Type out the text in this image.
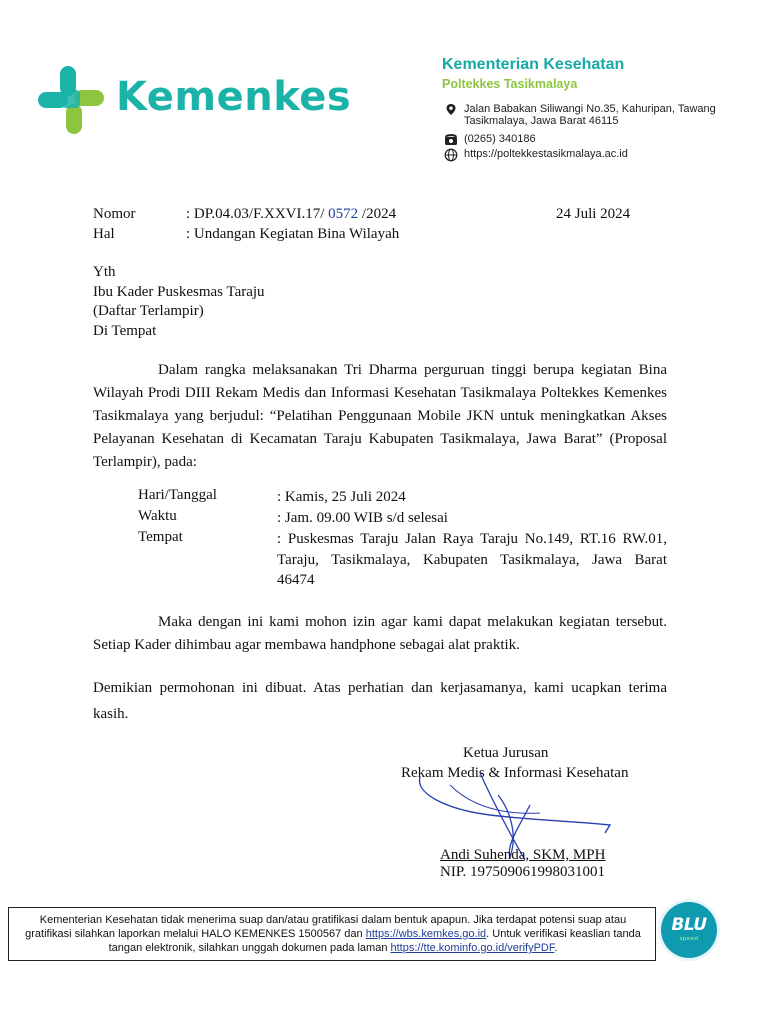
Kemenkes
Kementerian Kesehatan
Poltekkes Tasikmalaya
Jalan Babakan Siliwangi No.35, Kahuripan, Tawang
Tasikmalaya, Jawa Barat 46115
(0265) 340186
https://poltekkestasikmalaya.ac.id
Nomor	: DP.04.03/F.XXVI.17/ 0572 /2024	24 Juli 2024
Hal	: Undangan Kegiatan Bina Wilayah
Yth
Ibu Kader Puskesmas Taraju
(Daftar Terlampir)
Di Tempat
Dalam rangka melaksanakan Tri Dharma perguruan tinggi berupa kegiatan Bina Wilayah Prodi DIII Rekam Medis dan Informasi Kesehatan Tasikmalaya Poltekkes Kemenkes Tasikmalaya yang berjudul: “Pelatihan Penggunaan Mobile JKN untuk meningkatkan Akses Pelayanan Kesehatan di Kecamatan Taraju Kabupaten Tasikmalaya, Jawa Barat” (Proposal Terlampir), pada:
Hari/Tanggal	: Kamis, 25 Juli 2024
Waktu	: Jam. 09.00 WIB s/d selesai
Tempat	: Puskesmas Taraju Jalan Raya Taraju No.149, RT.16 RW.01,
Taraju, Tasikmalaya, Kabupaten Tasikmalaya, Jawa Barat
46474
Maka dengan ini kami mohon izin agar kami dapat melakukan kegiatan tersebut. Setiap Kader dihimbau agar membawa handphone sebagai alat praktik.
Demikian permohonan ini dibuat. Atas perhatian dan kerjasamanya, kami ucapkan terima kasih.
Ketua Jurusan
Rekam Medis & Informasi Kesehatan
Andi Suhenda, SKM, MPH
NIP. 197509061998031001
Kementerian Kesehatan tidak menerima suap dan/atau gratifikasi dalam bentuk apapun. Jika terdapat potensi suap atau gratifikasi silahkan laporkan melalui HALO KEMENKES 1500567 dan https://wbs.kemkes.go.id. Untuk verifikasi keaslian tanda tangan elektronik, silahkan unggah dokumen pada laman https://tte.kominfo.go.id/verifyPDF.
BLU
speed
